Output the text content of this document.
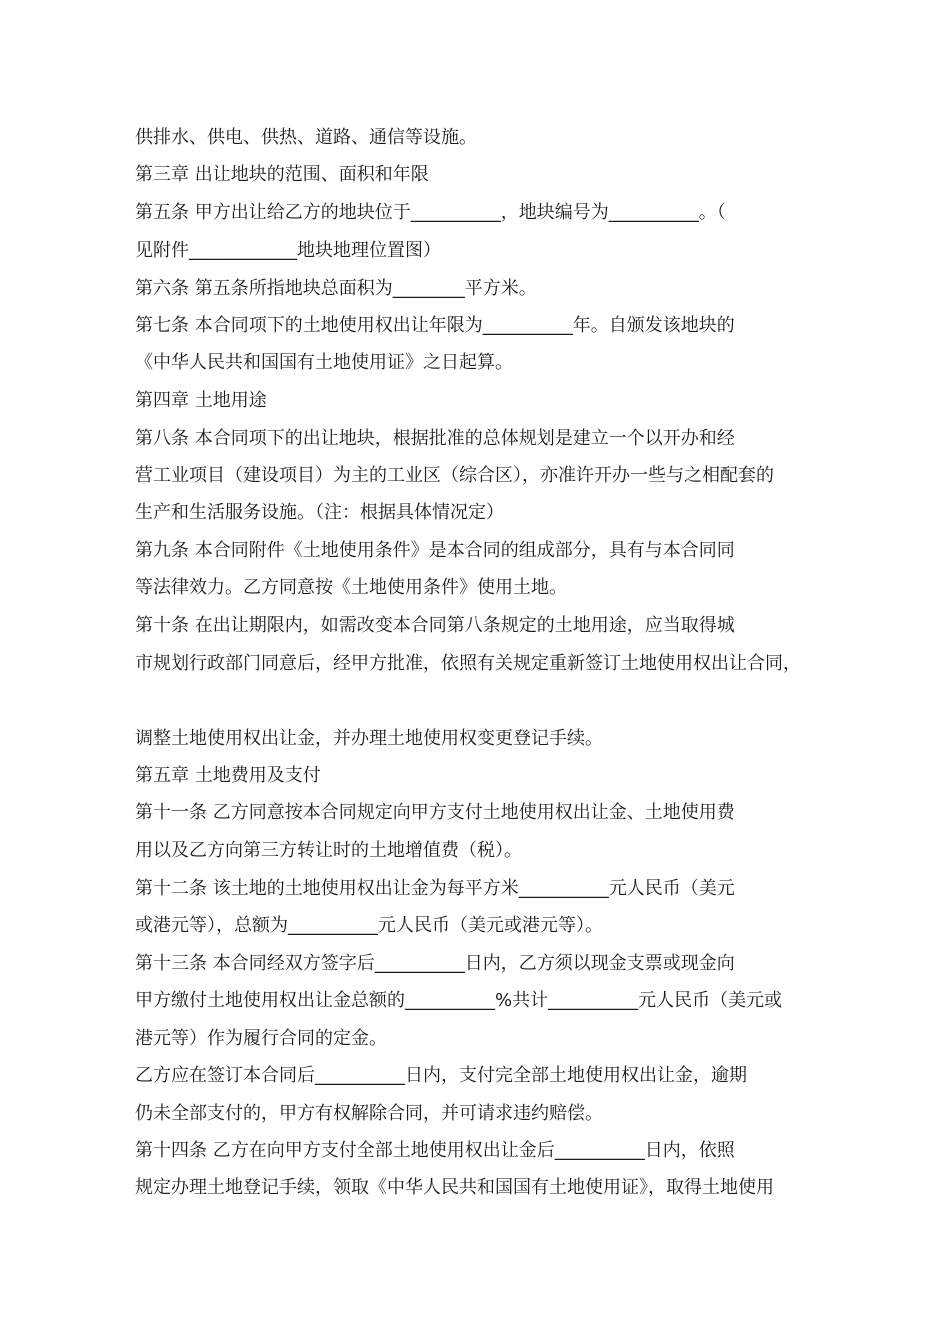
供排水、供电、供热、道路、通信等设施。
第三章 出让地块的范围、面积和年限
第五条 甲方出让给乙方的地块位于__________，地块编号为__________。（
见附件____________地块地理位置图）
第六条 第五条所指地块总面积为________平方米。
第七条 本合同项下的土地使用权出让年限为__________年。自颁发该地块的
《中华人民共和国国有土地使用证》之日起算。
第四章 土地用途
第八条 本合同项下的出让地块，根据批准的总体规划是建立一个以开办和经
营工业项目（建设项目）为主的工业区（综合区），亦准许开办一些与之相配套的
生产和生活服务设施。（注：根据具体情况定）
第九条 本合同附件《土地使用条件》是本合同的组成部分，具有与本合同同
等法律效力。乙方同意按《土地使用条件》使用土地。
第十条 在出让期限内，如需改变本合同第八条规定的土地用途，应当取得城
市规划行政部门同意后，经甲方批准，依照有关规定重新签订土地使用权出让合同，
调整土地使用权出让金，并办理土地使用权变更登记手续。
第五章 土地费用及支付
第十一条 乙方同意按本合同规定向甲方支付土地使用权出让金、土地使用费
用以及乙方向第三方转让时的土地增值费（税）。
第十二条 该土地的土地使用权出让金为每平方米__________元人民币（美元
或港元等），总额为__________元人民币（美元或港元等）。
第十三条 本合同经双方签字后__________日内，乙方须以现金支票或现金向
甲方缴付土地使用权出让金总额的__________%共计__________元人民币（美元或
港元等）作为履行合同的定金。
乙方应在签订本合同后__________日内，支付完全部土地使用权出让金，逾期
仍未全部支付的，甲方有权解除合同，并可请求违约赔偿。
第十四条 乙方在向甲方支付全部土地使用权出让金后__________日内，依照
规定办理土地登记手续，领取《中华人民共和国国有土地使用证》，取得土地使用
